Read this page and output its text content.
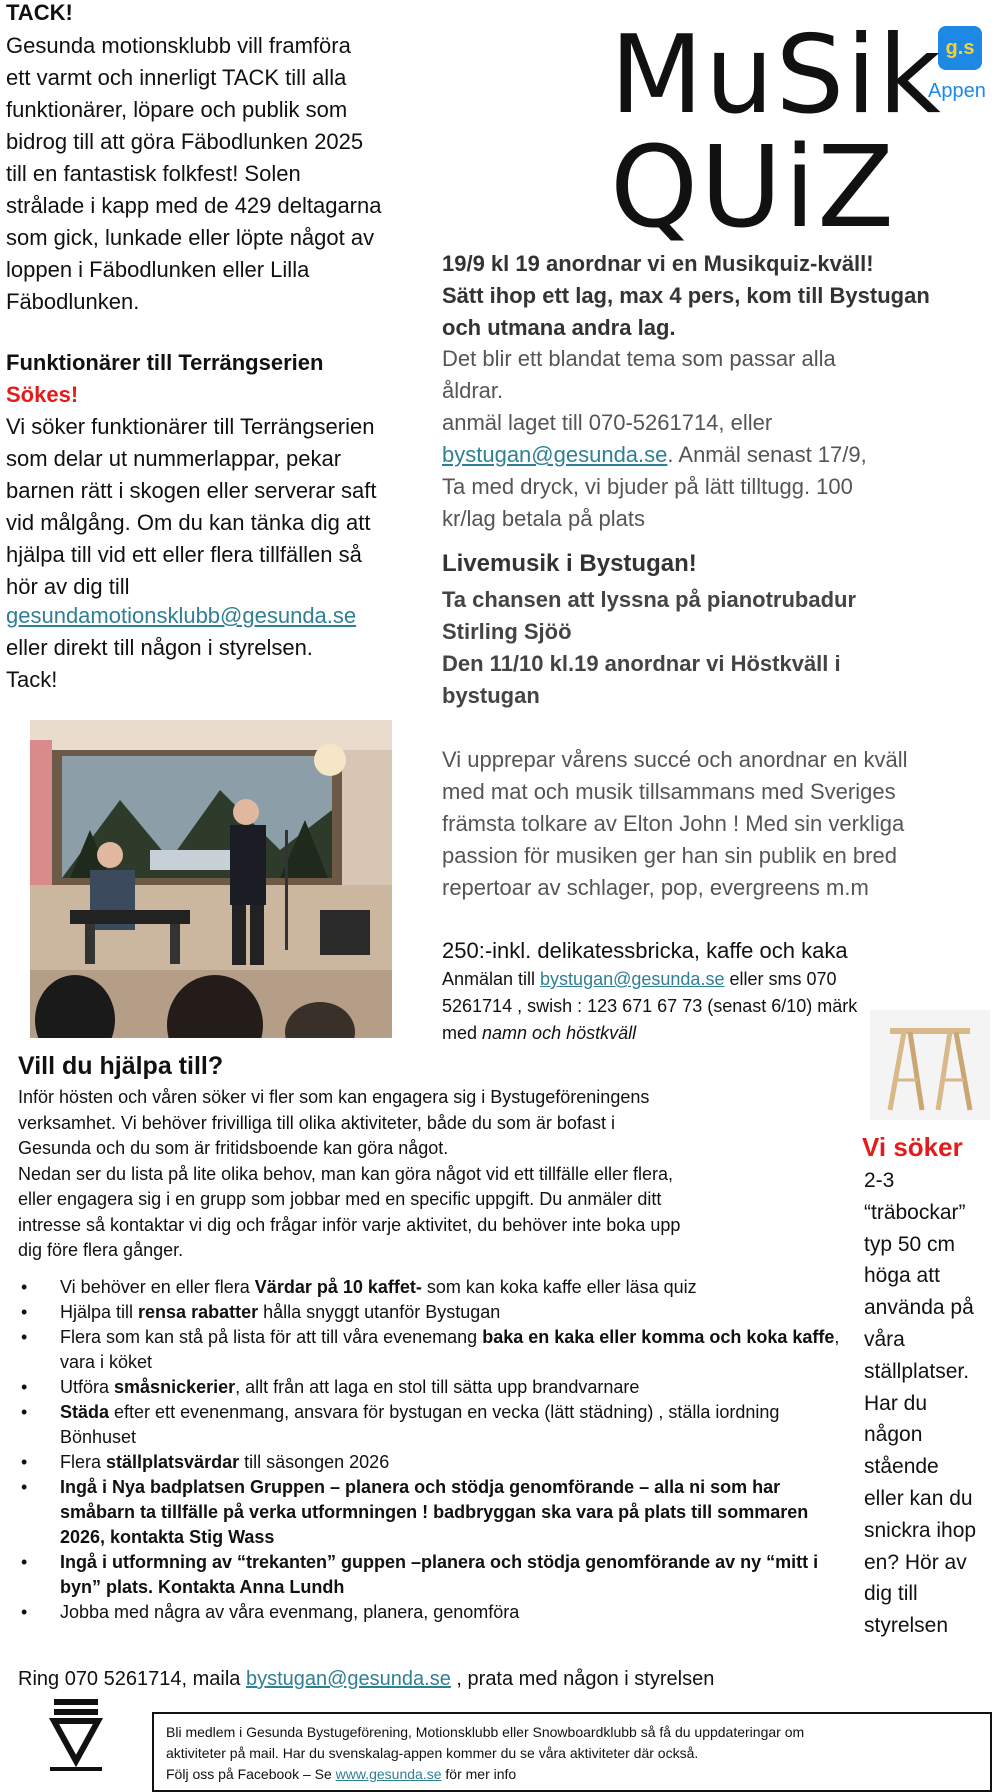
TACK!
Gesunda motionsklubb vill framföra
ett varmt och innerligt TACK till alla
funktionärer, löpare och publik som
bidrog till att göra Fäbodlunken 2025
till en fantastisk folkfest! Solen
strålade i kapp med de 429 deltagarna
som gick, lunkade eller löpte något av
loppen i Fäbodlunken eller Lilla
Fäbodlunken.
Funktionärer till Terrängserien
Sökes!
Vi söker funktionärer till Terrängserien
som delar ut nummerlappar, pekar
barnen rätt i skogen eller serverar saft
vid målgång. Om du kan tänka dig att
hjälpa till vid ett eller flera tillfällen så
hör av dig till
gesundamotionsklubb@gesunda.se
eller direkt till någon i styrelsen.
Tack!
g.s
Appen
MuSik
QUiZ
19/9 kl 19 anordnar vi en Musikquiz-kväll!
Sätt ihop ett lag, max 4 pers, kom till Bystugan
och utmana andra lag.
Det blir ett blandat tema som passar alla
åldrar.
anmäl laget till 070-5261714, eller
bystugan@gesunda.se. Anmäl senast 17/9,
Ta med dryck, vi bjuder på lätt tilltugg. 100
kr/lag betala på plats
Livemusik i Bystugan!
Ta chansen att lyssna på pianotrubadur
Stirling Sjöö
Den 11/10 kl.19 anordnar vi Höstkväll i
bystugan
Vi upprepar vårens succé och anordnar en kväll
med mat och musik tillsammans med Sveriges
främsta tolkare av Elton John ! Med sin verkliga
passion för musiken ger han sin publik en bred
repertoar av schlager, pop, evergreens m.m
250:-inkl. delikatessbricka, kaffe och kaka
Anmälan till bystugan@gesunda.se eller sms 070
5261714 , swish : 123 671 67 73 (senast 6/10) märk
med namn och höstkväll
Vi söker
2-3
“träbockar”
typ 50 cm
höga att
använda på
våra
ställplatser.
Har du
någon
stående
eller kan du
snickra ihop
en? Hör av
dig till
styrelsen
Vill du hjälpa till?
Inför hösten och våren söker vi fler som kan engagera sig i Bystugeföreningens
verksamhet. Vi behöver frivilliga till olika aktiviteter, både du som är bofast i
Gesunda och du som är fritidsboende kan göra något.
Nedan ser du lista på lite olika behov, man kan göra något vid ett tillfälle eller flera,
eller engagera sig i en grupp som jobbar med en specific uppgift. Du anmäler ditt
intresse så kontaktar vi dig och frågar inför varje aktivitet, du behöver inte boka upp
dig före flera gånger.
• Vi behöver en eller flera Värdar på 10 kaffet- som kan koka kaffe eller läsa quiz
• Hjälpa till rensa rabatter hålla snyggt utanför Bystugan
• Flera som kan stå på lista för att till våra evenemang baka en kaka eller komma och koka kaffe, vara i köket
• Utföra småsnickerier, allt från att laga en stol till sätta upp brandvarnare
• Städa efter ett evenenmang, ansvara för bystugan en vecka (lätt städning) , ställa iordning Bönhuset
• Flera ställplatsvärdar till säsongen 2026
• Ingå i Nya badplatsen Gruppen – planera och stödja genomförande – alla ni som har småbarn ta tillfälle på verka utformningen ! badbryggan ska vara på plats till sommaren 2026, kontakta Stig Wass
• Ingå i utformning av “trekanten” guppen –planera och stödja genomförande av ny “mitt i byn” plats. Kontakta Anna Lundh
• Jobba med några av våra evenmang, planera, genomföra
Ring 070 5261714, maila bystugan@gesunda.se , prata med någon i styrelsen
Bli medlem i Gesunda Bystugeförening, Motionsklubb eller Snowboardklubb så få du uppdateringar om
aktiviteter på mail. Har du svenskalag-appen kommer du se våra aktiviteter där också.
Följ oss på Facebook – Se www.gesunda.se för mer info
